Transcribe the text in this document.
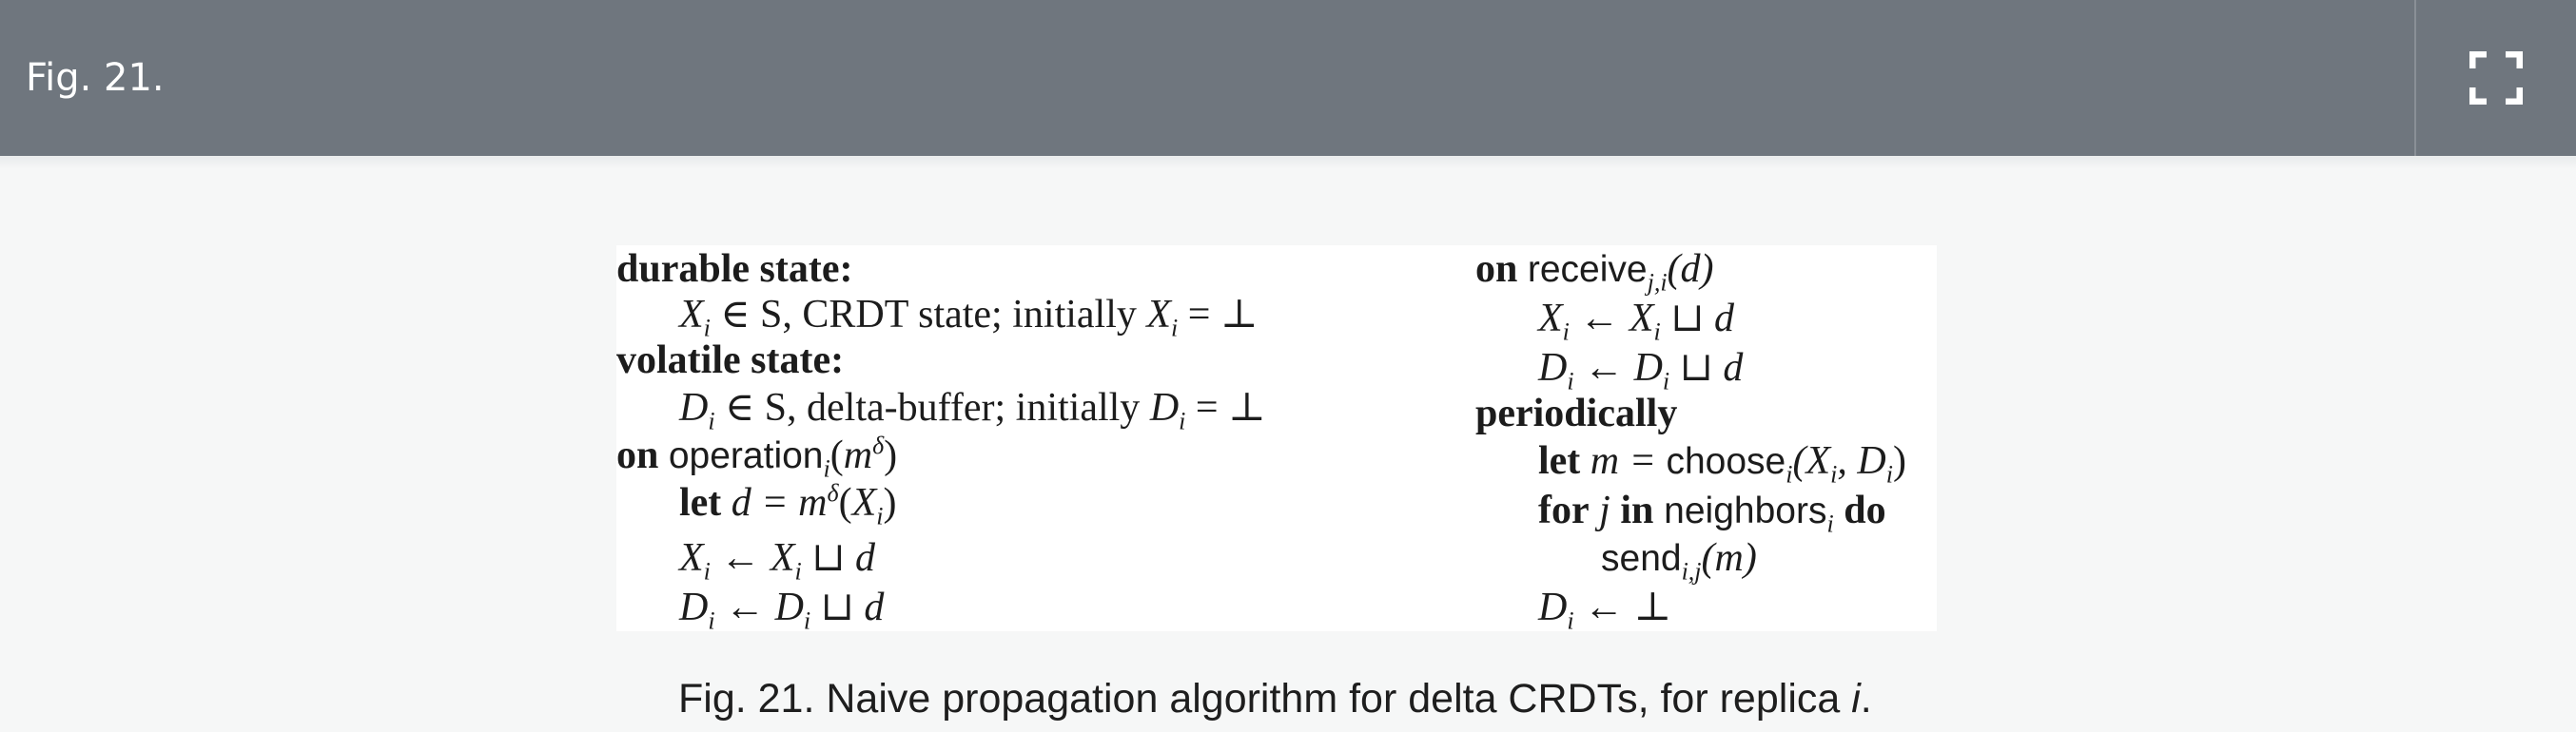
Fig. 21.
durable state:
$X_i$ ∈ S, CRDT state; initially $X_i$ = ⊥
volatile state:
$D_i$ ∈ S, delta-buffer; initially $D_i$ = ⊥
on $operation_i(m^\delta)$
let $d = m^\delta(X_i)$
$X_i$ ← $X_i$ ⊔ d
$D_i$ ← $D_i$ ⊔ d
on receive$_{j,i}$(d)
$X_i$ ← $X_i$ ⊔ d
$D_i$ ← $D_i$ ⊔ d
periodically
let $m = choose_i(X_i$, $D_i$)
for j in neighbors$_i$ do
send$_{i,j}$(m)
$D_i$ ← ⊥
Fig. 21. Naive propagation algorithm for delta CRDTs, for replica i.
